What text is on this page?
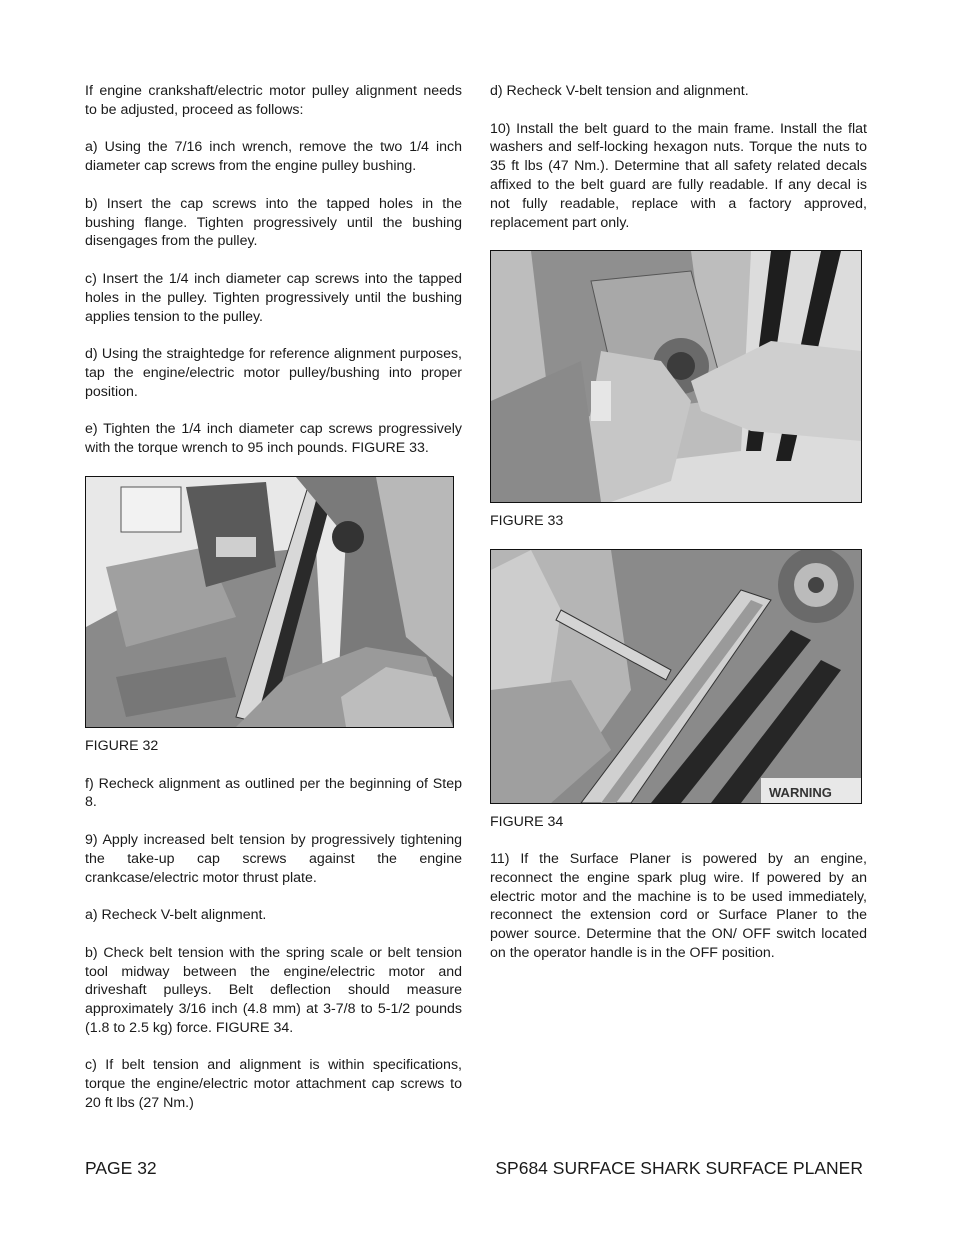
If engine crankshaft/electric motor pulley alignment needs to be adjusted, proceed as follows:

a) Using the 7/16 inch wrench, remove the two 1/4 inch diameter cap screws from the engine pulley bushing.

b) Insert the cap screws into the tapped holes in the bushing flange. Tighten progressively until the bushing disengages from the pulley.

c) Insert the 1/4 inch diameter cap screws into the tapped holes in the pulley. Tighten progressively until the bushing applies tension to the pulley.

d) Using the straightedge for reference alignment purposes, tap the engine/electric motor pulley/bushing into proper position.

e) Tighten the 1/4 inch diameter cap screws progressively with the torque wrench to 95 inch pounds. FIGURE 33.

FIGURE 32

f) Recheck alignment as outlined per the beginning of Step 8.

9) Apply increased belt tension by progressively tightening the take-up cap screws against the engine crankcase/electric motor thrust plate.

a) Recheck V-belt alignment.

b) Check belt tension with the spring scale or belt tension tool midway between the engine/electric motor and driveshaft pulleys. Belt deflection should measure approximately 3/16 inch (4.8 mm) at 3-7/8 to 5-1/2 pounds (1.8 to 2.5 kg) force. FIGURE 34.

c) If belt tension and alignment is within specifications, torque the engine/electric motor attachment cap screws to 20 ft lbs (27 Nm.)

d) Recheck V-belt tension and alignment.

10) Install the belt guard to the main frame. Install the flat washers and self-locking hexagon nuts. Torque the nuts to 35 ft lbs (47 Nm.). Determine that all safety related decals affixed to the belt guard are fully readable. If any decal is not fully readable, replace with a factory approved, replacement part only.

FIGURE 33
WARNING
FIGURE 34

11) If the Surface Planer is powered by an engine, reconnect the engine spark plug wire. If powered by an electric motor and the machine is to be used immediately, reconnect the extension cord or Surface Planer to the power source. Determine that the ON/ OFF switch located on the operator handle is in the OFF position.

PAGE 32	SP684 SURFACE SHARK SURFACE PLANER
